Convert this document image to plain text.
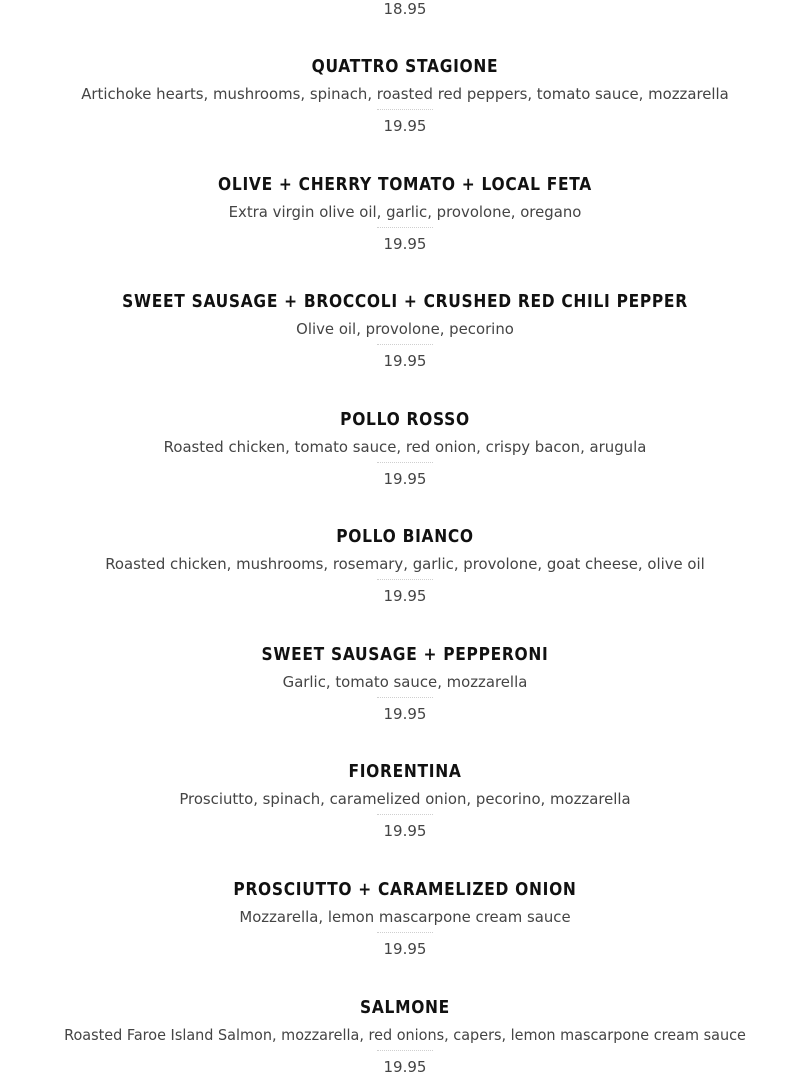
18.95
QUATTRO STAGIONE
Artichoke hearts, mushrooms, spinach, roasted red peppers, tomato sauce, mozzarella
19.95
OLIVE + CHERRY TOMATO + LOCAL FETA
Extra virgin olive oil, garlic, provolone, oregano
19.95
SWEET SAUSAGE + BROCCOLI + CRUSHED RED CHILI PEPPER
Olive oil, provolone, pecorino
19.95
POLLO ROSSO
Roasted chicken, tomato sauce, red onion, crispy bacon, arugula
19.95
POLLO BIANCO
Roasted chicken, mushrooms, rosemary, garlic, provolone, goat cheese, olive oil
19.95
SWEET SAUSAGE + PEPPERONI
Garlic, tomato sauce, mozzarella
19.95
FIORENTINA
Prosciutto, spinach, caramelized onion, pecorino, mozzarella
19.95
PROSCIUTTO + CARAMELIZED ONION
Mozzarella, lemon mascarpone cream sauce
19.95
SALMONE
Roasted Faroe Island Salmon, mozzarella, red onions, capers, lemon mascarpone cream sauce
19.95
